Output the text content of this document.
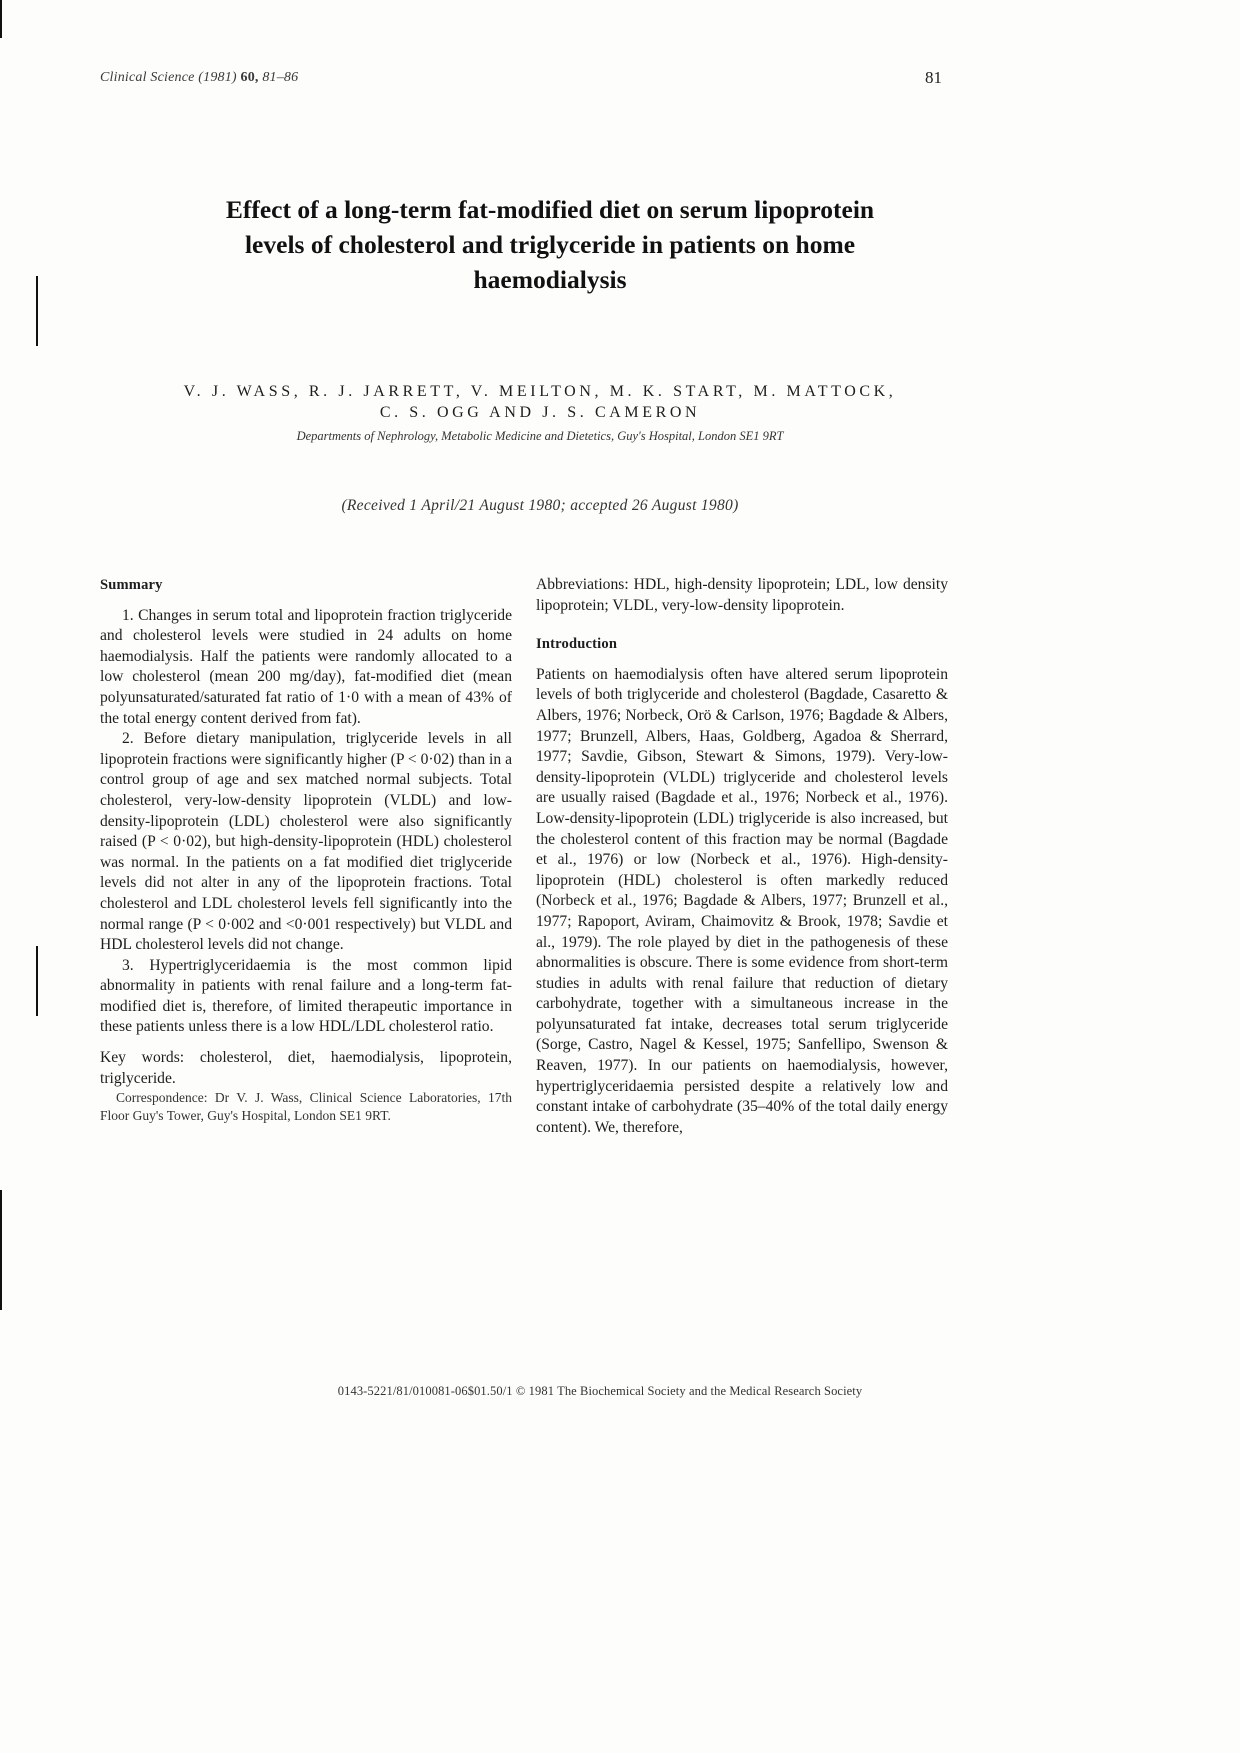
Clinical Science (1981) 60, 81–86	81
Effect of a long-term fat-modified diet on serum lipoprotein
levels of cholesterol and triglyceride in patients on home
haemodialysis
V. J. WASS, R. J. JARRETT, V. MEILTON, M. K. START, M. MATTOCK,
C. S. OGG AND J. S. CAMERON
Departments of Nephrology, Metabolic Medicine and Dietetics, Guy's Hospital, London SE1 9RT
(Received 1 April/21 August 1980; accepted 26 August 1980)
Summary

1. Changes in serum total and lipoprotein fraction triglyceride and cholesterol levels were studied in 24 adults on home haemodialysis. Half the patients were randomly allocated to a low cholesterol (mean 200 mg/day), fat-modified diet (mean polyunsaturated/saturated fat ratio of 1·0 with a mean of 43% of the total energy content derived from fat).

2. Before dietary manipulation, triglyceride levels in all lipoprotein fractions were significantly higher (P < 0·02) than in a control group of age and sex matched normal subjects. Total cholesterol, very-low-density lipoprotein (VLDL) and low-density-lipoprotein (LDL) cholesterol were also significantly raised (P < 0·02), but high-density-lipoprotein (HDL) cholesterol was normal. In the patients on a fat modified diet triglyceride levels did not alter in any of the lipoprotein fractions. Total cholesterol and LDL cholesterol levels fell significantly into the normal range (P < 0·002 and <0·001 respectively) but VLDL and HDL cholesterol levels did not change.

3. Hypertriglyceridaemia is the most common lipid abnormality in patients with renal failure and a long-term fat-modified diet is, therefore, of limited therapeutic importance in these patients unless there is a low HDL/LDL cholesterol ratio.

Key words: cholesterol, diet, haemodialysis, lipoprotein, triglyceride.

Correspondence: Dr V. J. Wass, Clinical Science Laboratories, 17th Floor Guy's Tower, Guy's Hospital, London SE1 9RT.

Abbreviations: HDL, high-density lipoprotein; LDL, low density lipoprotein; VLDL, very-low-density lipoprotein.

Introduction

Patients on haemodialysis often have altered serum lipoprotein levels of both triglyceride and cholesterol (Bagdade, Casaretto & Albers, 1976; Norbeck, Orö & Carlson, 1976; Bagdade & Albers, 1977; Brunzell, Albers, Haas, Goldberg, Agadoa & Sherrard, 1977; Savdie, Gibson, Stewart & Simons, 1979). Very-low-density-lipoprotein (VLDL) triglyceride and cholesterol levels are usually raised (Bagdade et al., 1976; Norbeck et al., 1976). Low-density-lipoprotein (LDL) triglyceride is also increased, but the cholesterol content of this fraction may be normal (Bagdade et al., 1976) or low (Norbeck et al., 1976). High-density-lipoprotein (HDL) cholesterol is often markedly reduced (Norbeck et al., 1976; Bagdade & Albers, 1977; Brunzell et al., 1977; Rapoport, Aviram, Chaimovitz & Brook, 1978; Savdie et al., 1979). The role played by diet in the pathogenesis of these abnormalities is obscure. There is some evidence from short-term studies in adults with renal failure that reduction of dietary carbohydrate, together with a simultaneous increase in the polyunsaturated fat intake, decreases total serum triglyceride (Sorge, Castro, Nagel & Kessel, 1975; Sanfellipo, Swenson & Reaven, 1977). In our patients on haemodialysis, however, hypertriglyceridaemia persisted despite a relatively low and constant intake of carbohydrate (35–40% of the total daily energy content). We, therefore,

0143-5221/81/010081-06$01.50/1 © 1981 The Biochemical Society and the Medical Research Society
